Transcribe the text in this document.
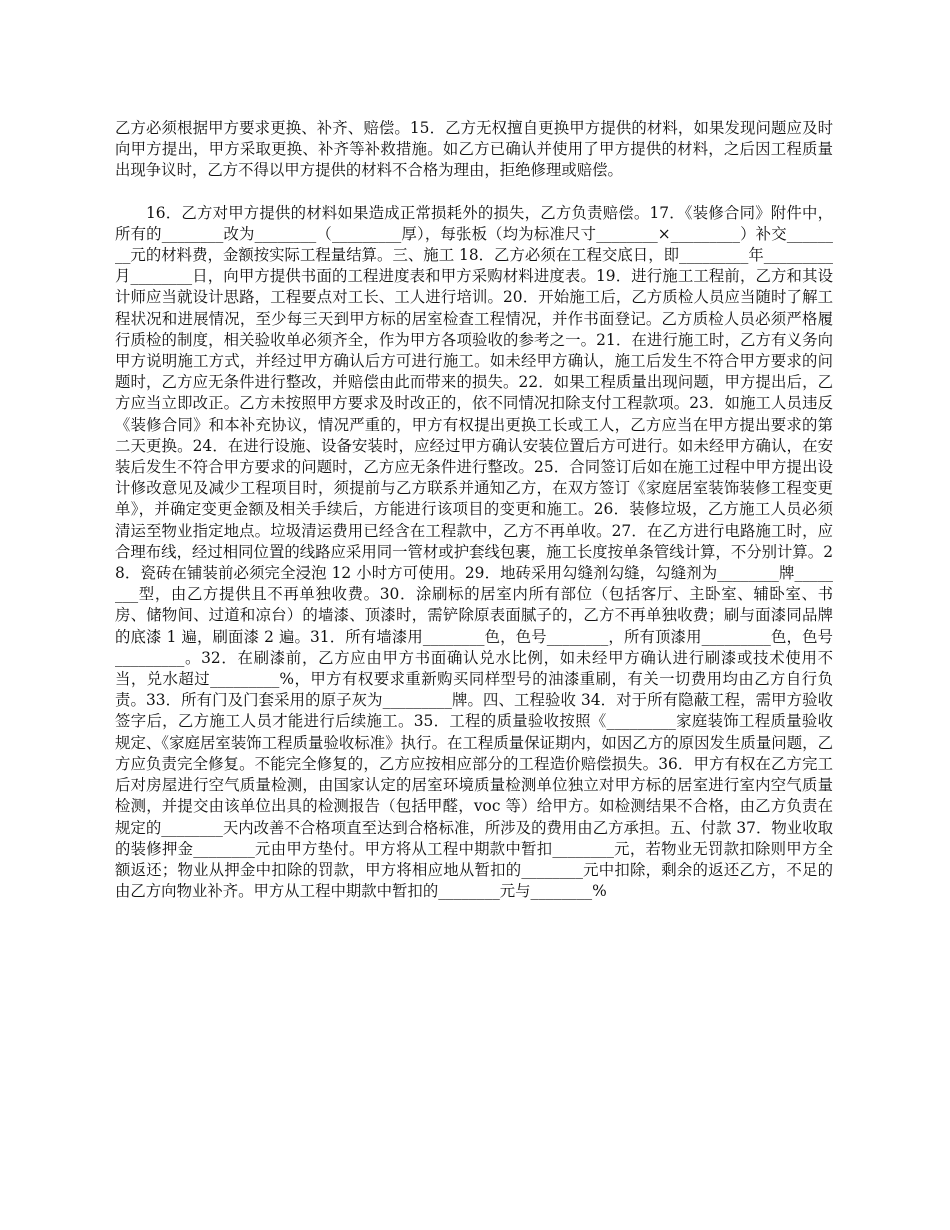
乙方必须根据甲方要求更换、补齐、赔偿。15．乙方无权擅自更换甲方提供的材料，如果发现问题应及时向甲方提出，甲方采取更换、补齐等补救措施。如乙方已确认并使用了甲方提供的材料，之后因工程质量出现争议时，乙方不得以甲方提供的材料不合格为理由，拒绝修理或赔偿。

16．乙方对甲方提供的材料如果造成正常损耗外的损失，乙方负责赔偿。17．《装修合同》附件中，所有的________改为________（_________厚），每张板（均为标准尺寸________×_________）补交________元的材料费，金额按实际工程量结算。三、施工 18．乙方必须在工程交底日，即_________年_________月________日，向甲方提供书面的工程进度表和甲方采购材料进度表。19．进行施工工程前，乙方和其设计师应当就设计思路，工程要点对工长、工人进行培训。20．开始施工后，乙方质检人员应当随时了解工程状况和进展情况，至少每三天到甲方标的居室检查工程情况，并作书面登记。乙方质检人员必须严格履行质检的制度，相关验收单必须齐全，作为甲方各项验收的参考之一。21．在进行施工时，乙方有义务向甲方说明施工方式，并经过甲方确认后方可进行施工。如未经甲方确认，施工后发生不符合甲方要求的问题时，乙方应无条件进行整改，并赔偿由此而带来的损失。22．如果工程质量出现问题，甲方提出后，乙方应当立即改正。乙方未按照甲方要求及时改正的，依不同情况扣除支付工程款项。23．如施工人员违反《装修合同》和本补充协议，情况严重的，甲方有权提出更换工长或工人，乙方应当在甲方提出要求的第二天更换。24．在进行设施、设备安装时，应经过甲方确认安装位置后方可进行。如未经甲方确认，在安装后发生不符合甲方要求的问题时，乙方应无条件进行整改。25．合同签订后如在施工过程中甲方提出设计修改意见及减少工程项目时，须提前与乙方联系并通知乙方，在双方签订《家庭居室装饰装修工程变更单》，并确定变更金额及相关手续后，方能进行该项目的变更和施工。26．装修垃圾，乙方施工人员必须清运至物业指定地点。垃圾清运费用已经含在工程款中，乙方不再单收。27．在乙方进行电路施工时，应合理布线，经过相同位置的线路应采用同一管材或护套线包裹，施工长度按单条管线计算，不分别计算。28．瓷砖在铺装前必须完全浸泡 12 小时方可使用。29．地砖采用勾缝剂勾缝，勾缝剂为________牌________型，由乙方提供且不再单独收费。30．涂刷标的居室内所有部位（包括客厅、主卧室、辅卧室、书房、储物间、过道和凉台）的墙漆、顶漆时，需铲除原表面腻子的，乙方不再单独收费；刷与面漆同品牌的底漆 1 遍，刷面漆 2 遍。31．所有墙漆用________色，色号________，所有顶漆用_________色，色号_________。32．在刷漆前，乙方应由甲方书面确认兑水比例，如未经甲方确认进行刷漆或技术使用不当，兑水超过_________%，甲方有权要求重新购买同样型号的油漆重刷，有关一切费用均由乙方自行负责。33．所有门及门套采用的原子灰为_________牌。四、工程验收 34．对于所有隐蔽工程，需甲方验收签字后，乙方施工人员才能进行后续施工。35．工程的质量验收按照《_________家庭装饰工程质量验收规定、《家庭居室装饰工程质量验收标准》执行。在工程质量保证期内，如因乙方的原因发生质量问题，乙方应负责完全修复。不能完全修复的，乙方应按相应部分的工程造价赔偿损失。36．甲方有权在乙方完工后对房屋进行空气质量检测，由国家认定的居室环境质量检测单位独立对甲方标的居室进行室内空气质量检测，并提交由该单位出具的检测报告（包括甲醛，voc 等）给甲方。如检测结果不合格，由乙方负责在规定的________天内改善不合格项直至达到合格标准，所涉及的费用由乙方承担。五、付款 37．物业收取的装修押金________元由甲方垫付。甲方将从工程中期款中暂扣________元，若物业无罚款扣除则甲方全额返还；物业从押金中扣除的罚款，甲方将相应地从暂扣的________元中扣除，剩余的返还乙方，不足的由乙方向物业补齐。甲方从工程中期款中暂扣的________元与________%
